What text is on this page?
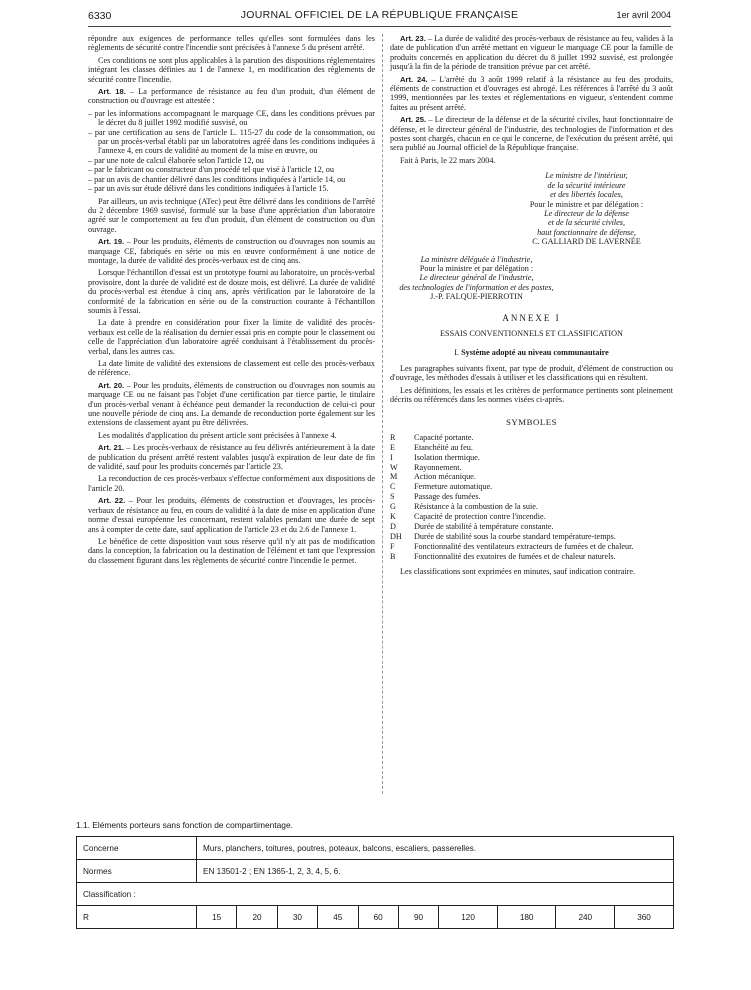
6330	JOURNAL OFFICIEL DE LA RÉPUBLIQUE FRANÇAISE	1er avril 2004

répondre aux exigences de performance telles qu'elles sont formulées dans les règlements de sécurité contre l'incendie sont précisées à l'annexe 5 du présent arrêté.

Ces conditions ne sont plus applicables à la parution des dispositions réglementaires intégrant les classes définies au 1 de l'annexe 1, en modification des règlements de sécurité contre l'incendie.

Art. 18. – La performance de résistance au feu d'un produit, d'un élément de construction ou d'ouvrage est attestée :

– par les informations accompagnant le marquage CE, dans les conditions prévues par le décret du 8 juillet 1992 modifié susvisé, ou
– par une certification au sens de l'article L. 115-27 du code de la consommation, ou par un procès-verbal établi par un laboratoires agréé dans les conditions indiquées à l'annexe 4, en cours de validité au moment de la mise en œuvre, ou
– par une note de calcul élaborée selon l'article 12, ou
– par le fabricant ou constructeur d'un procédé tel que visé à l'article 12, ou
– par un avis de chantier délivré dans les conditions indiquées à l'article 14, ou
– par un avis sur étude délivré dans les conditions indiquées à l'article 15.

Par ailleurs, un avis technique (ATec) peut être délivré dans les conditions de l'arrêté du 2 décembre 1969 susvisé, formulé sur la base d'une appréciation d'un laboratoire agréé sur le comportement au feu d'un produit, d'un élément de construction ou d'un ouvrage.

Art. 19. – Pour les produits, éléments de construction ou d'ouvrages non soumis au marquage CE, fabriqués en série ou mis en œuvre conformément à une notice de montage, la durée de validité des procès-verbaux est de cinq ans.

Lorsque l'échantillon d'essai est un prototype fourni au laboratoire, un procès-verbal provisoire, dont la durée de validité est de douze mois, est délivré. La durée de validité du procès-verbal est étendue à cinq ans, après vérification par le laboratoire de la conformité de la fabrication en série ou de la construction courante à l'échantillon soumis à l'essai.

La date à prendre en considération pour fixer la limite de validité des procès-verbaux est celle de la réalisation du dernier essai pris en compte pour le classement ou celle de l'appréciation d'un laboratoire agréé conduisant à l'établissement du procès-verbal, dans les autres cas.

La date limite de validité des extensions de classement est celle des procès-verbaux de référence.

Art. 20. – Pour les produits, éléments de construction ou d'ouvrages non soumis au marquage CE ou ne faisant pas l'objet d'une certification par tierce partie, le titulaire d'un procès-verbal venant à échéance peut demander la reconduction de celui-ci pour une nouvelle période de cinq ans. La demande de reconduction porte également sur les extensions de classement ayant pu être délivrées.

Les modalités d'application du présent article sont précisées à l'annexe 4.

Art. 21. – Les procès-verbaux de résistance au feu délivrés antérieurement à la date de publication du présent arrêté restent valables jusqu'à expiration de leur date de fin de validité, sauf pour les produits concernés par l'article 23.

La reconduction de ces procès-verbaux s'effectue conformément aux dispositions de l'article 20.

Art. 22. – Pour les produits, éléments de construction et d'ouvrages, les procès-verbaux de résistance au feu, en cours de validité à la date de mise en application d'une norme d'essai européenne les concernant, restent valables pendant une durée de sept ans à compter de cette date, sauf application de l'article 23 et du 2.6 de l'annexe 1.

Le bénéfice de cette disposition vaut sous réserve qu'il n'y ait pas de modification dans la conception, la fabrication ou la destination de l'élément et tant que l'expression du classement figurant dans les règlements de sécurité contre l'incendie le permet.

Art. 23. – La durée de validité des procès-verbaux de résistance au feu, valides à la date de publication d'un arrêté mettant en vigueur le marquage CE pour la famille de produits concernés en application du décret du 8 juillet 1992 susvisé, est prolongée jusqu'à la fin de la période de transition prévue par cet arrêté.

Art. 24. – L'arrêté du 3 août 1999 relatif à la résistance au feu des produits, éléments de construction et d'ouvrages est abrogé. Les références à l'arrêté du 3 août 1999, mentionnées par les textes et réglementations en vigueur, s'entendent comme faites au présent arrêté.

Art. 25. – Le directeur de la défense et de la sécurité civiles, haut fonctionnaire de défense, et le directeur général de l'industrie, des technologies de l'information et des postes sont chargés, chacun en ce qui le concerne, de l'exécution du présent arrêté, qui sera publié au Journal officiel de la République française.

Fait à Paris, le 22 mars 2004.

Le ministre de l'intérieur,
de la sécurité intérieure
et des libertés locales,
Pour le ministre et par délégation :
Le directeur de la défense
et de la sécurité civiles,
haut fonctionnaire de défense,
C. GALLIARD DE LAVERNÉE
La ministre déléguée à l'industrie,
Pour la ministre et par délégation :
Le directeur général de l'industrie,
des technologies de l'information et des postes,
J.-P. FALQUE-PIERROTIN
ANNEXE I
ESSAIS CONVENTIONNELS ET CLASSIFICATION
I. Système adopté au niveau communautaire

Les paragraphes suivants fixent, par type de produit, d'élément de construction ou d'ouvrage, les méthodes d'essais à utiliser et les classifications qui en résultent.

Les définitions, les essais et les critères de performance pertinents sont pleinement décrits ou référencés dans les normes visées ci-après.

SYMBOLES
R	Capacité portante.
E	Etanchéité au feu.
I	Isolation thermique.
W	Rayonnement.
M	Action mécanique.
C	Fermeture automatique.
S	Passage des fumées.
G	Résistance à la combustion de la suie.
K	Capacité de protection contre l'incendie.
D	Durée de stabilité à température constante.
DH	Durée de stabilité sous la courbe standard température-temps.
F	Fonctionnalité des ventilateurs extracteurs de fumées et de chaleur.
B	Fonctionnalité des exutoires de fumées et de chaleur naturels.

Les classifications sont exprimées en minutes, sauf indication contraire.

1.1. Eléments porteurs sans fonction de compartimentage.
Concerne	Murs, planchers, toitures, poutres, poteaux, balcons, escaliers, passerelles.									
Normes	EN 13501-2 ; EN 1365-1, 2, 3, 4, 5, 6.									
Classification :										
R	15	20	30	45	60	90	120	180	240	360
